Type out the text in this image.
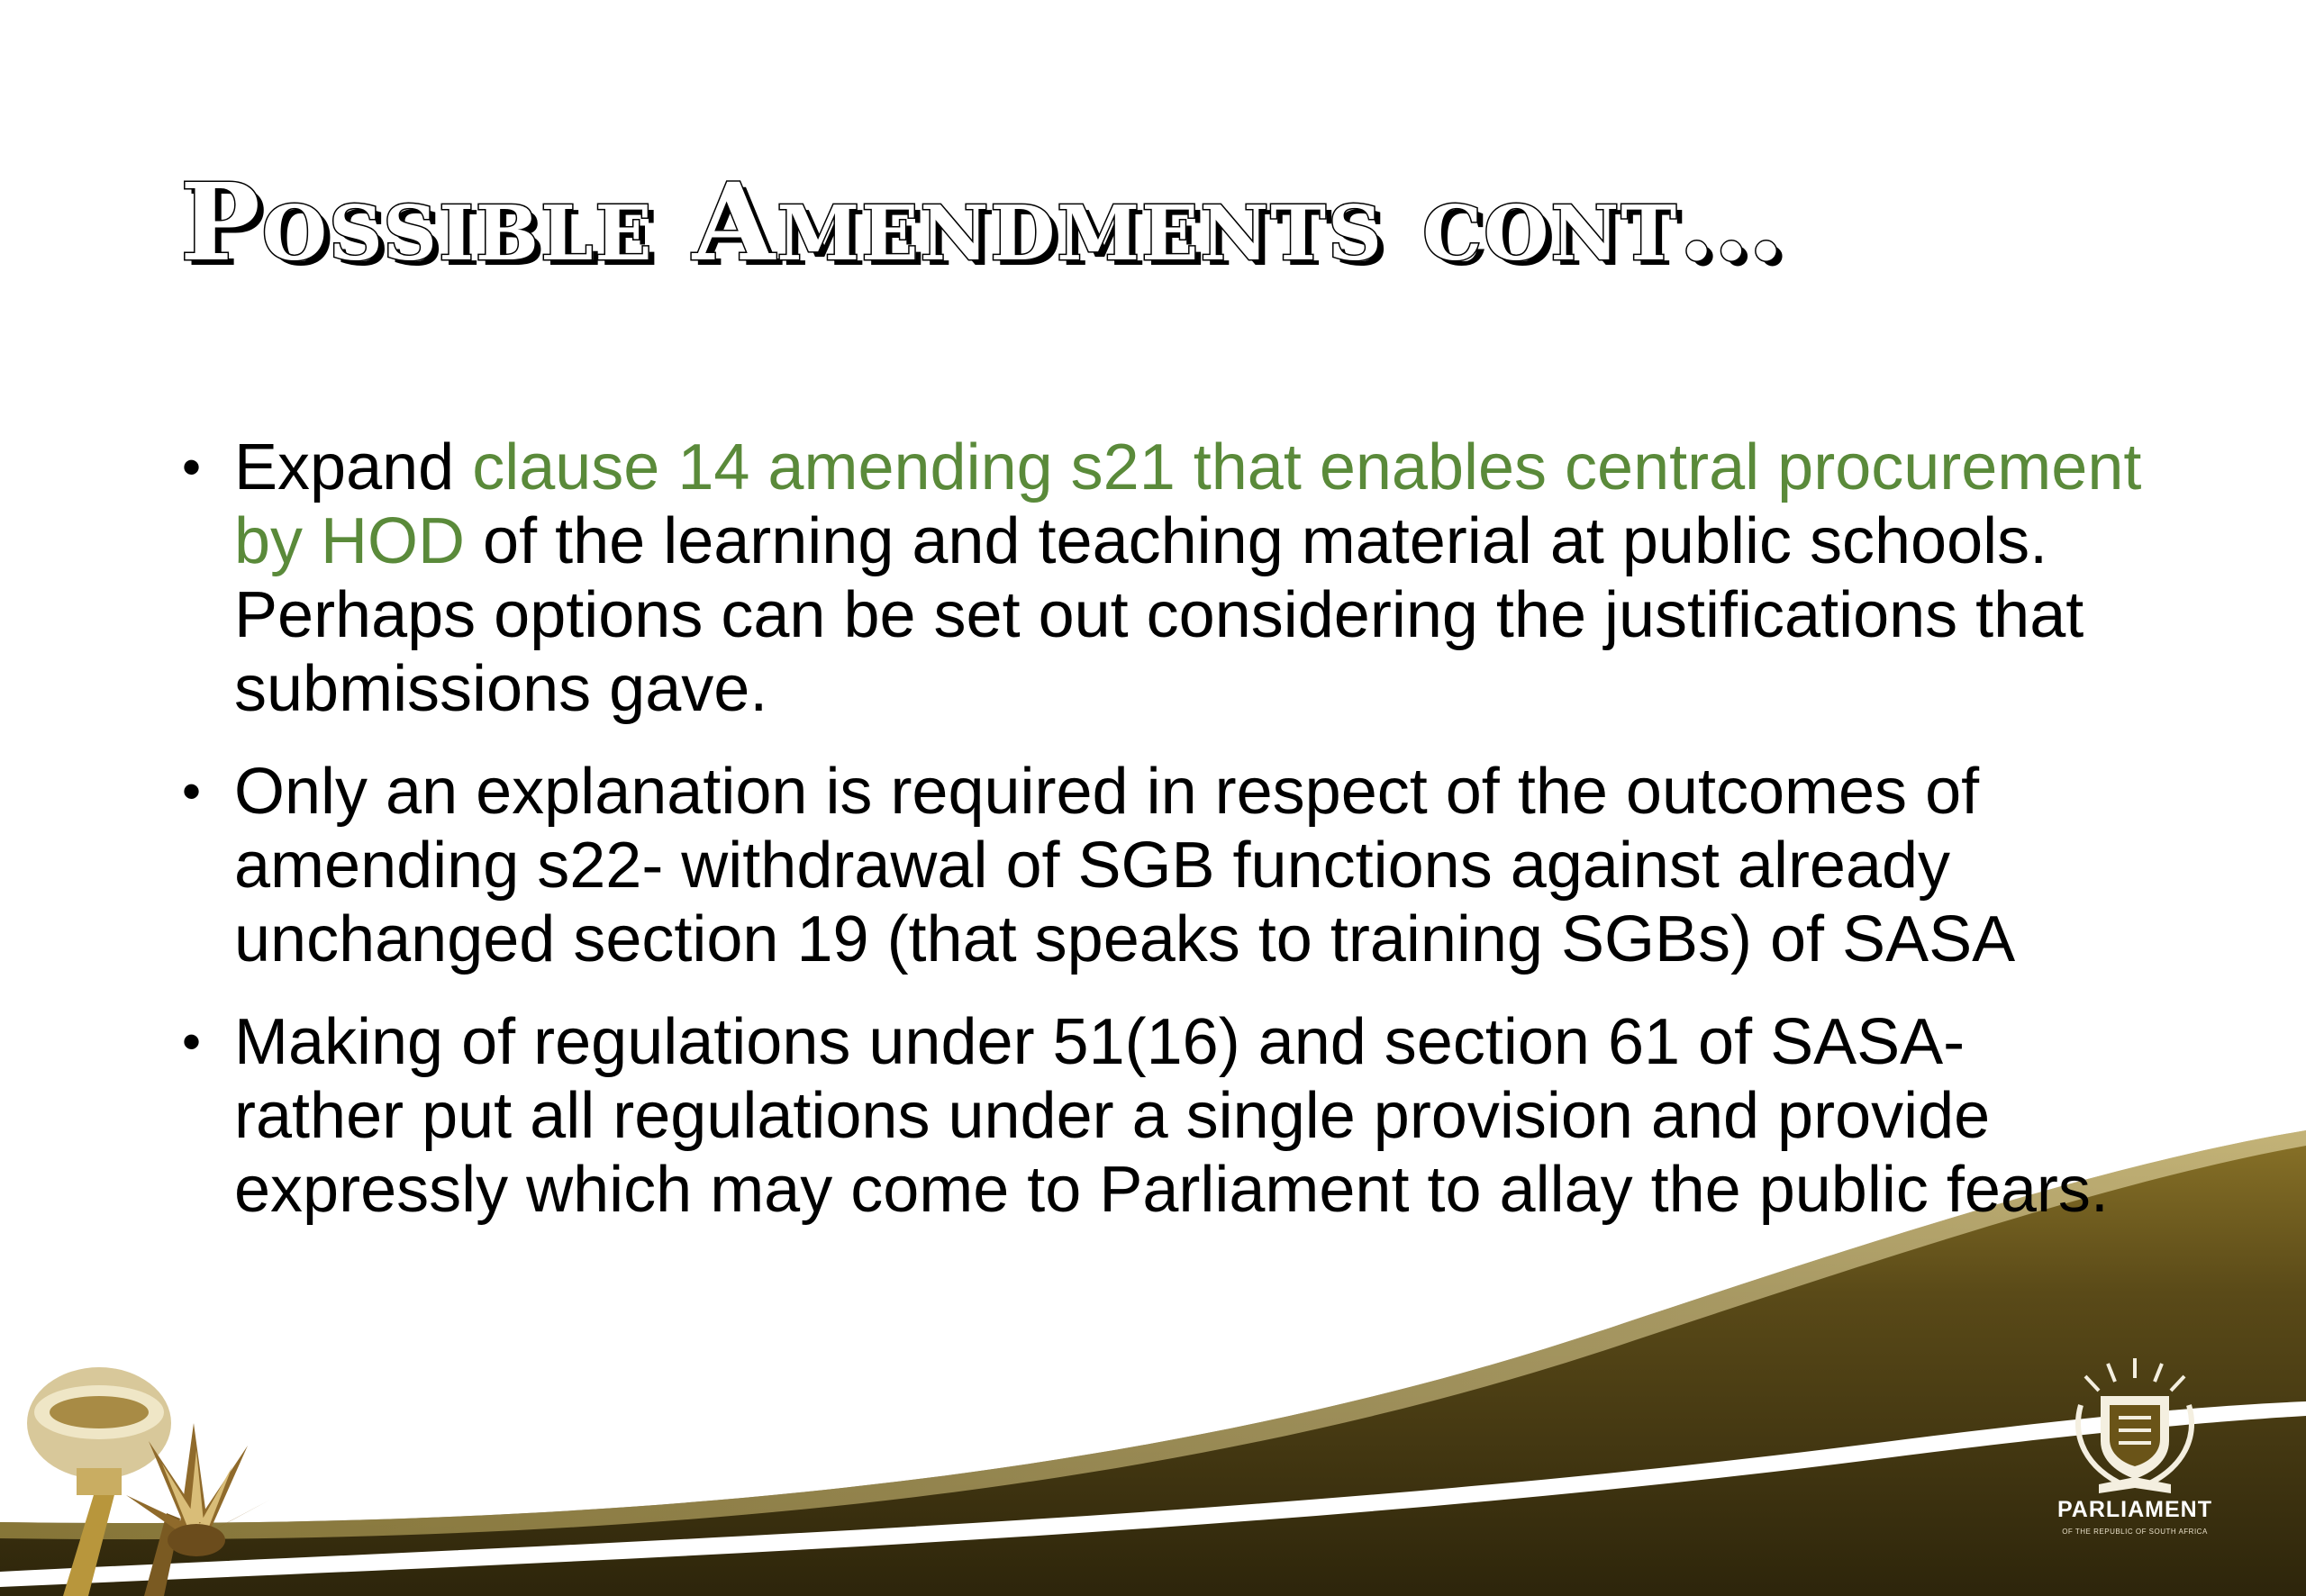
Possible Amendments cont…
• Expand clause 14 amending s21 that enables central procurement by HOD of the learning and teaching material at public schools. Perhaps options can be set out considering the justifications that submissions gave.
• Only an explanation is required in respect of the outcomes of amending s22- withdrawal of SGB functions against already unchanged section 19 (that speaks to training SGBs) of SASA
• Making of regulations under 51(16) and section 61 of SASA- rather put all regulations under a single provision and provide expressly which may come to Parliament to allay the public fears.
PARLIAMENT
OF THE REPUBLIC OF SOUTH AFRICA
